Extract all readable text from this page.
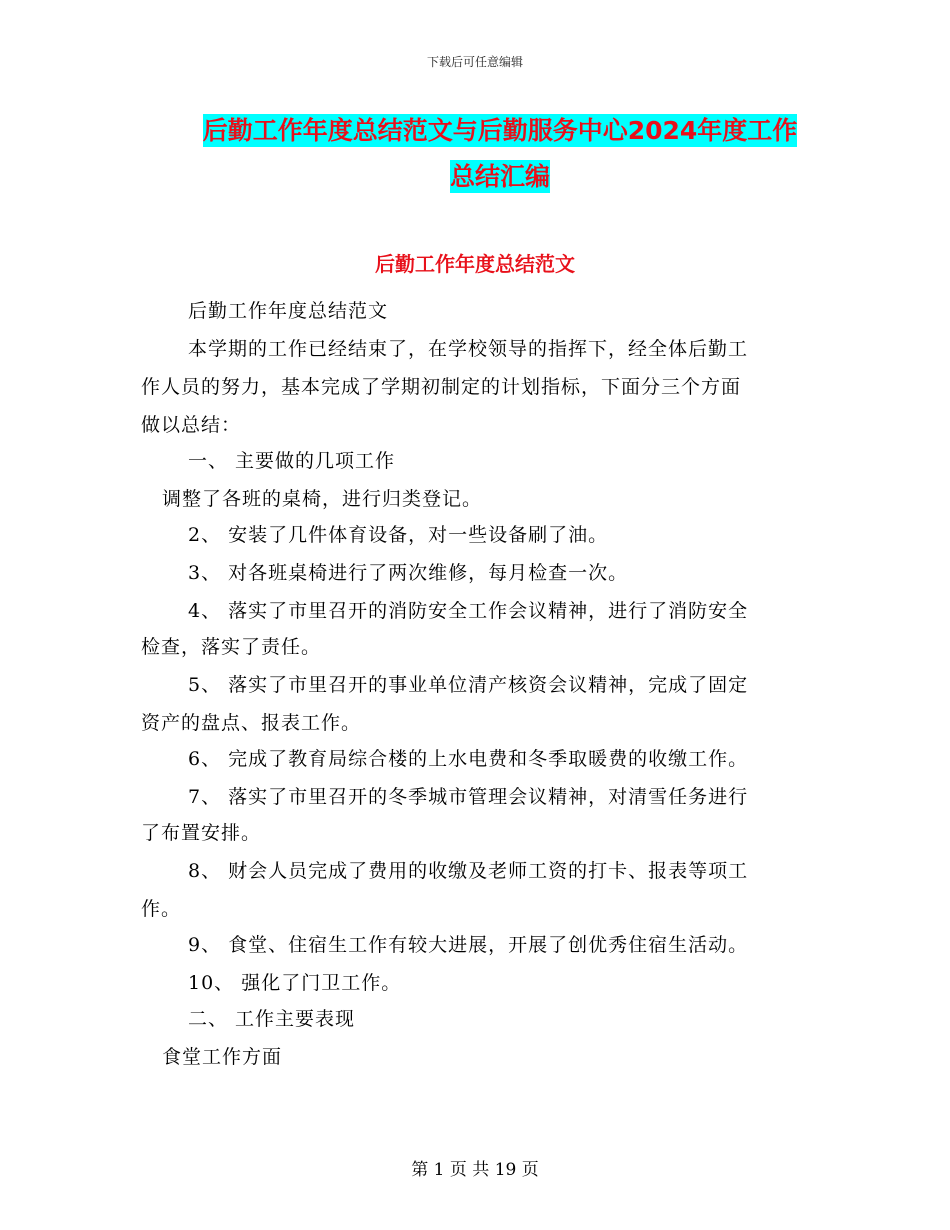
下载后可任意编辑
后勤工作年度总结范文与后勤服务中心2024年度工作
总结汇编
后勤工作年度总结范文
后勤工作年度总结范文
本学期的工作已经结束了，在学校领导的指挥下，经全体后勤工
作人员的努力，基本完成了学期初制定的计划指标，下面分三个方面
做以总结：
一、 主要做的几项工作
调整了各班的桌椅，进行归类登记。
2、 安装了几件体育设备，对一些设备刷了油。
3、 对各班桌椅进行了两次维修，每月检查一次。
4、 落实了市里召开的消防安全工作会议精神，进行了消防安全
检查，落实了责任。
5、 落实了市里召开的事业单位清产核资会议精神，完成了固定
资产的盘点、报表工作。
6、 完成了教育局综合楼的上水电费和冬季取暖费的收缴工作。
7、 落实了市里召开的冬季城市管理会议精神，对清雪任务进行
了布置安排。
8、 财会人员完成了费用的收缴及老师工资的打卡、报表等项工
作。
9、 食堂、住宿生工作有较大进展，开展了创优秀住宿生活动。
10、 强化了门卫工作。
二、 工作主要表现
食堂工作方面
第 1 页 共 19 页
